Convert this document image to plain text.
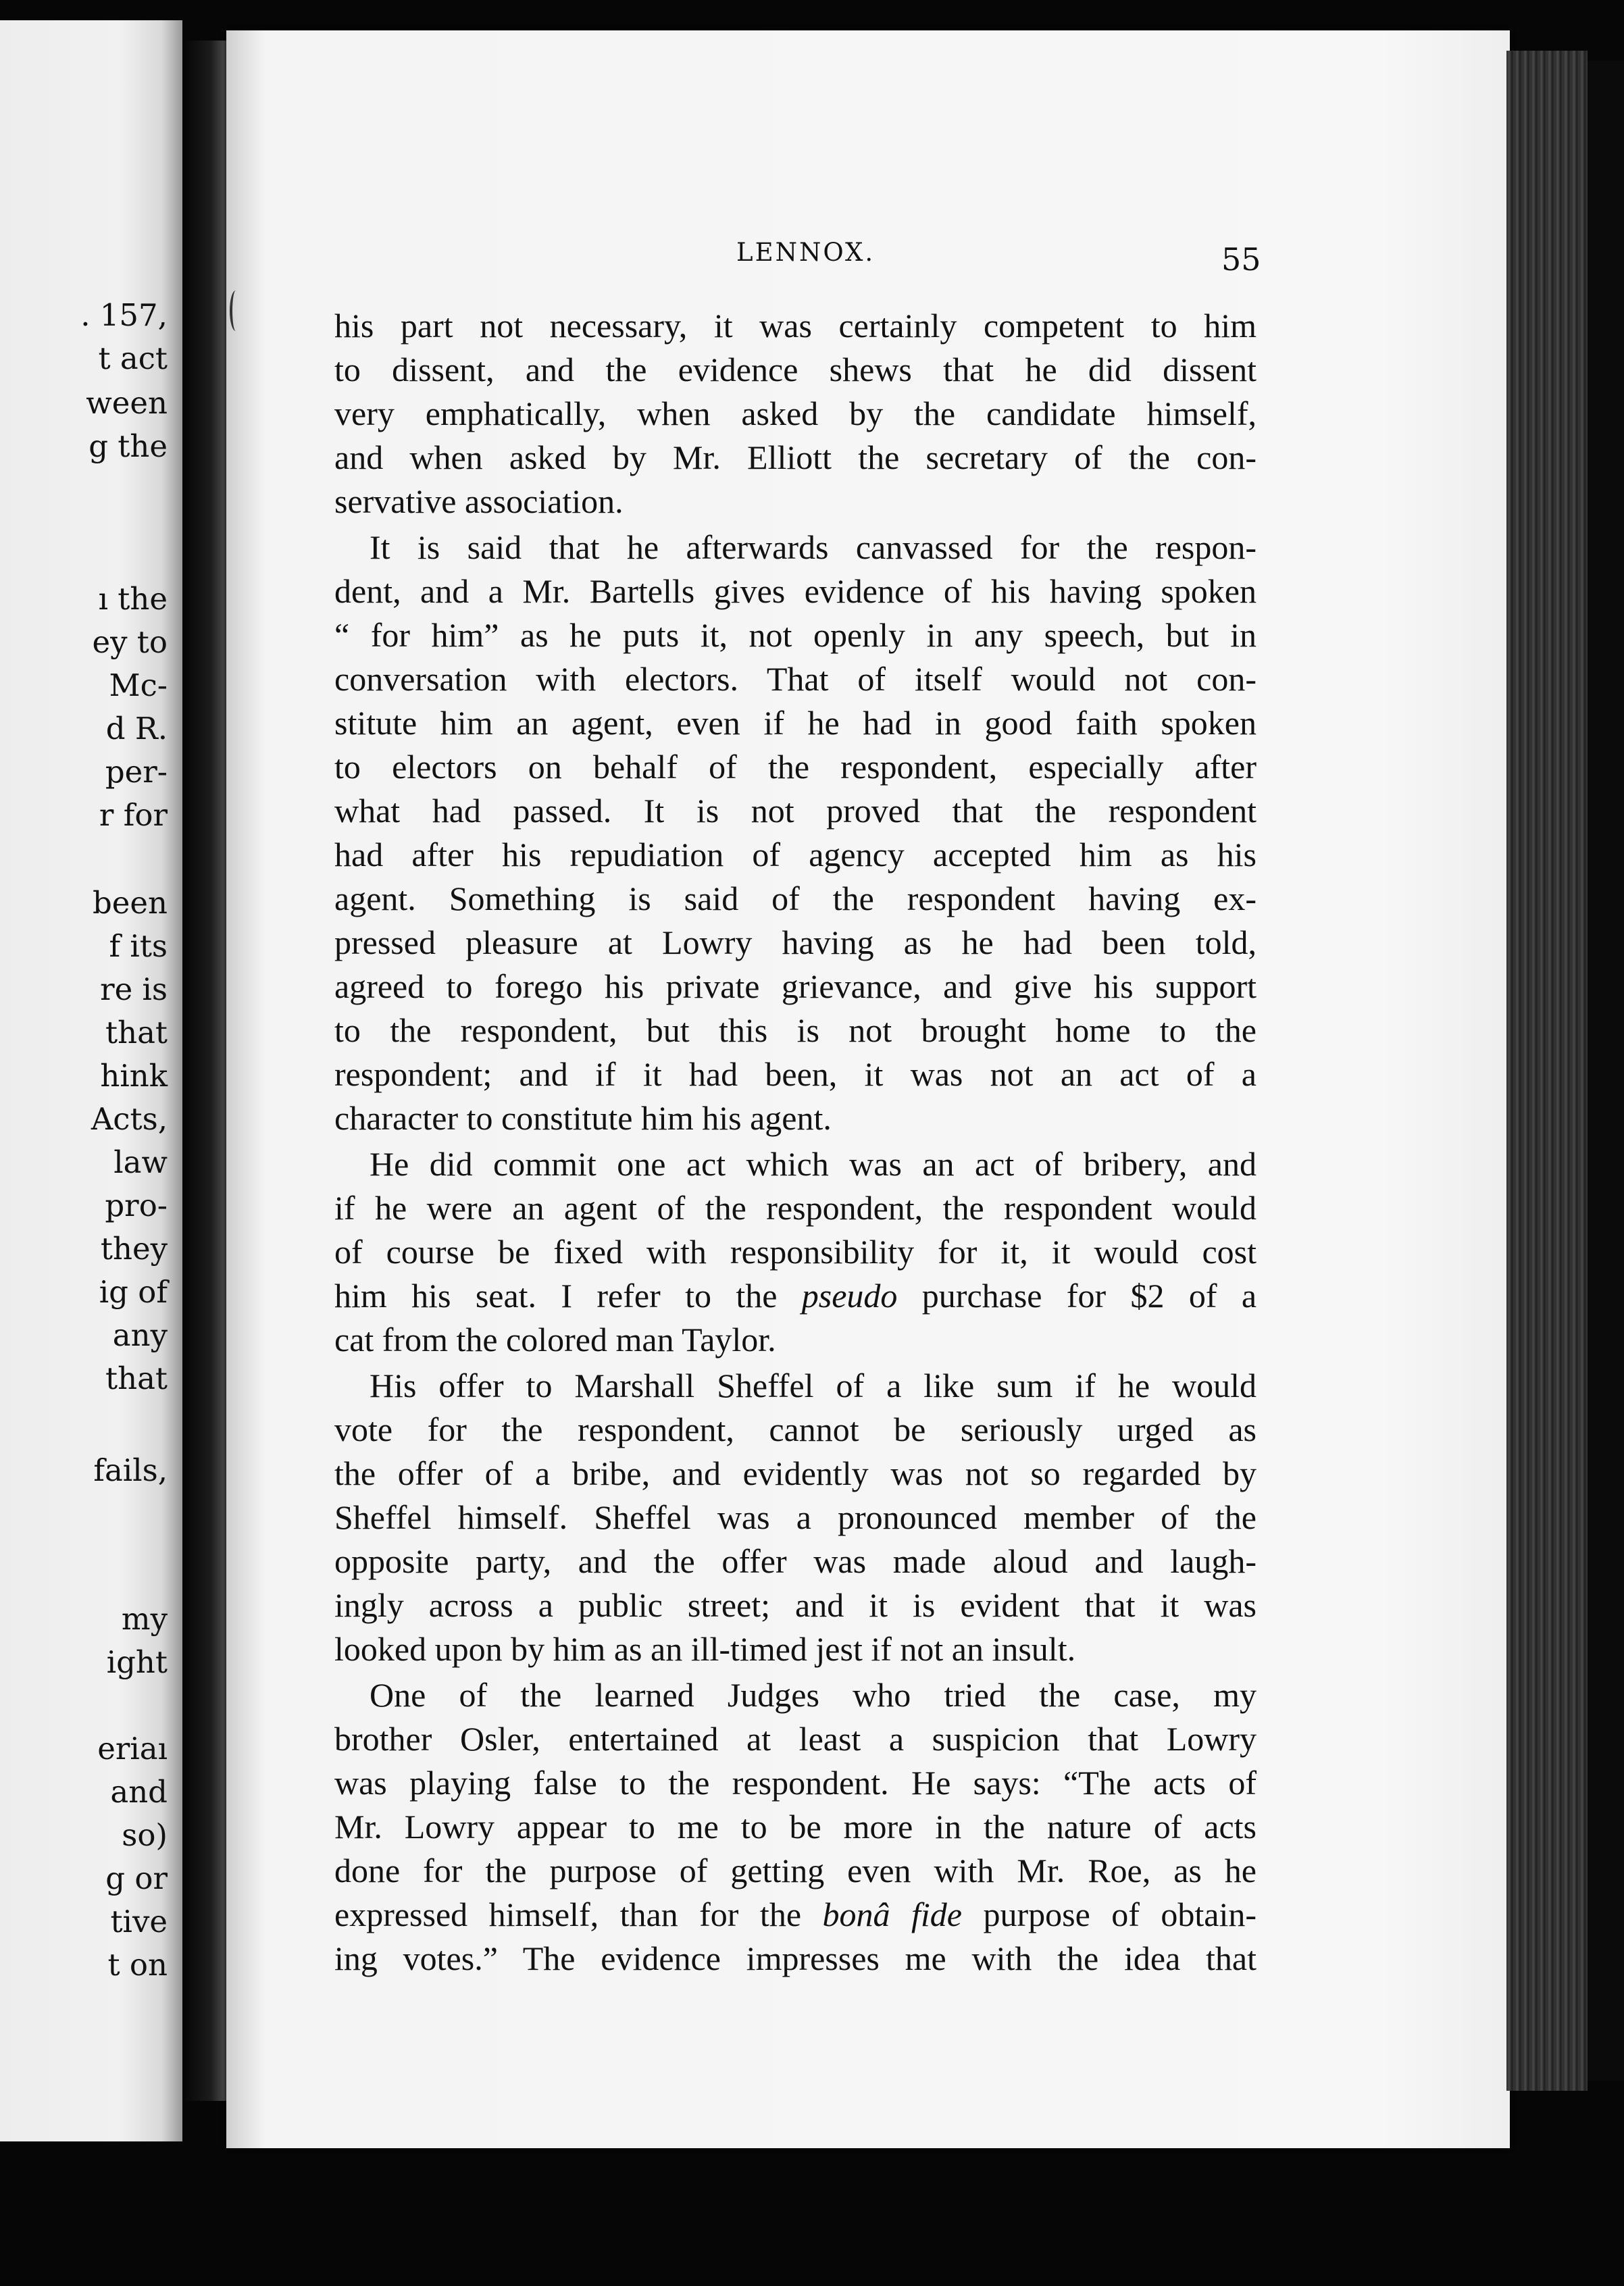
. 157,
t act
ween
g the
ı the
ey to
Mc-
d R.
per-
r for
been
f its
re is
that
hink
Acts,
law
pro-
they
ig of
any
that
fails,
my
ight
eriaı
and
so)
g or
tive
t on
LENNOX.	55
his part not necessary, it was certainly competent to him
to dissent, and the evidence shews that he did dissent
very emphatically, when asked by the candidate himself,
and when asked by Mr. Elliott the secretary of the con-
servative association.
It is said that he afterwards canvassed for the respon-
dent, and a Mr. Bartells gives evidence of his having spoken
“ for him” as he puts it, not openly in any speech, but in
conversation with electors. That of itself would not con-
stitute him an agent, even if he had in good faith spoken
to electors on behalf of the respondent, especially after
what had passed. It is not proved that the respondent
had after his repudiation of agency accepted him as his
agent. Something is said of the respondent having ex-
pressed pleasure at Lowry having as he had been told,
agreed to forego his private grievance, and give his support
to the respondent, but this is not brought home to the
respondent; and if it had been, it was not an act of a
character to constitute him his agent.
He did commit one act which was an act of bribery, and
if he were an agent of the respondent, the respondent would
of course be fixed with responsibility for it, it would cost
him his seat. I refer to the pseudo purchase for $2 of a
cat from the colored man Taylor.
His offer to Marshall Sheffel of a like sum if he would
vote for the respondent, cannot be seriously urged as
the offer of a bribe, and evidently was not so regarded by
Sheffel himself. Sheffel was a pronounced member of the
opposite party, and the offer was made aloud and laugh-
ingly across a public street; and it is evident that it was
looked upon by him as an ill-timed jest if not an insult.
One of the learned Judges who tried the case, my
brother Osler, entertained at least a suspicion that Lowry
was playing false to the respondent. He says: “The acts of
Mr. Lowry appear to me to be more in the nature of acts
done for the purpose of getting even with Mr. Roe, as he
expressed himself, than for the bonâ fide purpose of obtain-
ing votes.” The evidence impresses me with the idea that
